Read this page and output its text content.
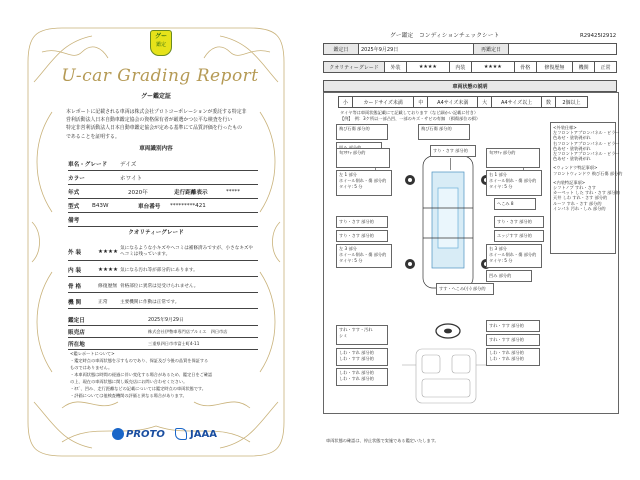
グー
鑑定
U-car Grading Report
グー鑑定証
本レポートに記載される車両は株式会社プロトコーポレーションが委託する特定非
営利活動法人日本自動車鑑定協会の資格保有者が厳選かつ公平な検査を行い
特定非営利活動法人日本自動車鑑定協会が定める基準にて品質評価を行ったもの
であることを証明する。
車両識別内容
車名・グレード デイズ
カラー	ホワイト
年式	2020年	走行距離表示	*****
型式	B43W	車台番号	*********421
備考
クオリティーグレード
外 装	★★★★
気になるような小キズやヘコミは補修済みですが、小さなキズや
ヘコミは残っています。
内 装	★★★★ 気になる汚れ等が部分的にあります。
骨 格	修復歴無 骨格部位に異常は見受けられません。
機 関	正常	主要機関に作動は正常です。
鑑定日	2025年9月29日
販売店	株式会社伊勢車専門店プルミエ　四日市店
所在地	三重県四日市市富士町4-11
<鑑レポートについて>
・鑑定時点の車両状態を示すものであり、保証及び今後の品質を保証する
ものではありません。
・本車両状態は時間の経過に伴い変化する場合があるため、鑑定日をご確認
の上、現在の車両状態に関し販売店にお問い合わせください。
・ｷｽﾞ、凹み、走行距離などの記載については鑑定時点の車両状態です。
・評価については他検査機関の評価と異なる場合があります。
PROTO	JAAA
グー鑑定　コンディションチェックシート	R29425I2912
鑑定日	2025年9月29日	再鑑定日	
クオリティーグレード	外装	★★★★	内装	★★★★	骨格	修復歴無	機関	正常
車両状態の説明
小	カードサイズ未満	中	A4サイズ未満	大	A4サイズ以上	数	2個以上
タイヤ等は車両状態記載にて記載しております（など細かい記載に付き）
【例】　例：3ケ所以一部凸凹、一部のキズ・サビの有無 （損傷部位の損）
飛び石傷 部分的	飛び石傷 部分的
すり・さす 部分的
旬ﾌｻﾘｯ 部分的
左 1 部分
ホイール削れ・傷 部分的
タイヤ: 5 分
すり・さす 部分的
すり・さす 部分的
左 3 部分
ホイール削れ・傷 部分的
タイヤ: 5 分
旬ﾌｻﾘｯ 部分的
右 1 部分
ホイール削れ・傷 部分的
タイヤ: 5 分
へこみ 8
すり・さす 部分的
エッジすす 部分的
右 3 部分
ホイール削れ・傷 部分的
タイヤ: 5 分
凹み 部分的
すす・へこみ(小) 部分的
すれ・すす・汚れ
シミ
すれ・すす 部分的
すれ・すす 部分的
しわ・すれ 部分的
しわ・すす 部分的
しわ・すれ 部分的
しわ・すれ 部分的
しわ・すれ 部分的
しわ・すれ 部分的
<外装仕様>
左フロントアプロンパネル・ビラー
色あせ・塗装剥がれ
右フロントアプロンパネル・ビラー
色あせ・塗装剥がれ
左フロントアプロンパネル・ビラー
色あせ・塗装剥がれ
<ウィンドウ特記事項>
フロントウィンドウ 飛び石傷 部分的
<内装特記事項>
シフトノブ すれ・さす
カーペット した すれ・さす 部分的
天井 しわ すれ・さす 部分的
ルーフ すれ・さす 部分的
インパネ 汚れ・しみ 部分的
車両状態の確認は、停止状態で実施である鑑定いたします。
